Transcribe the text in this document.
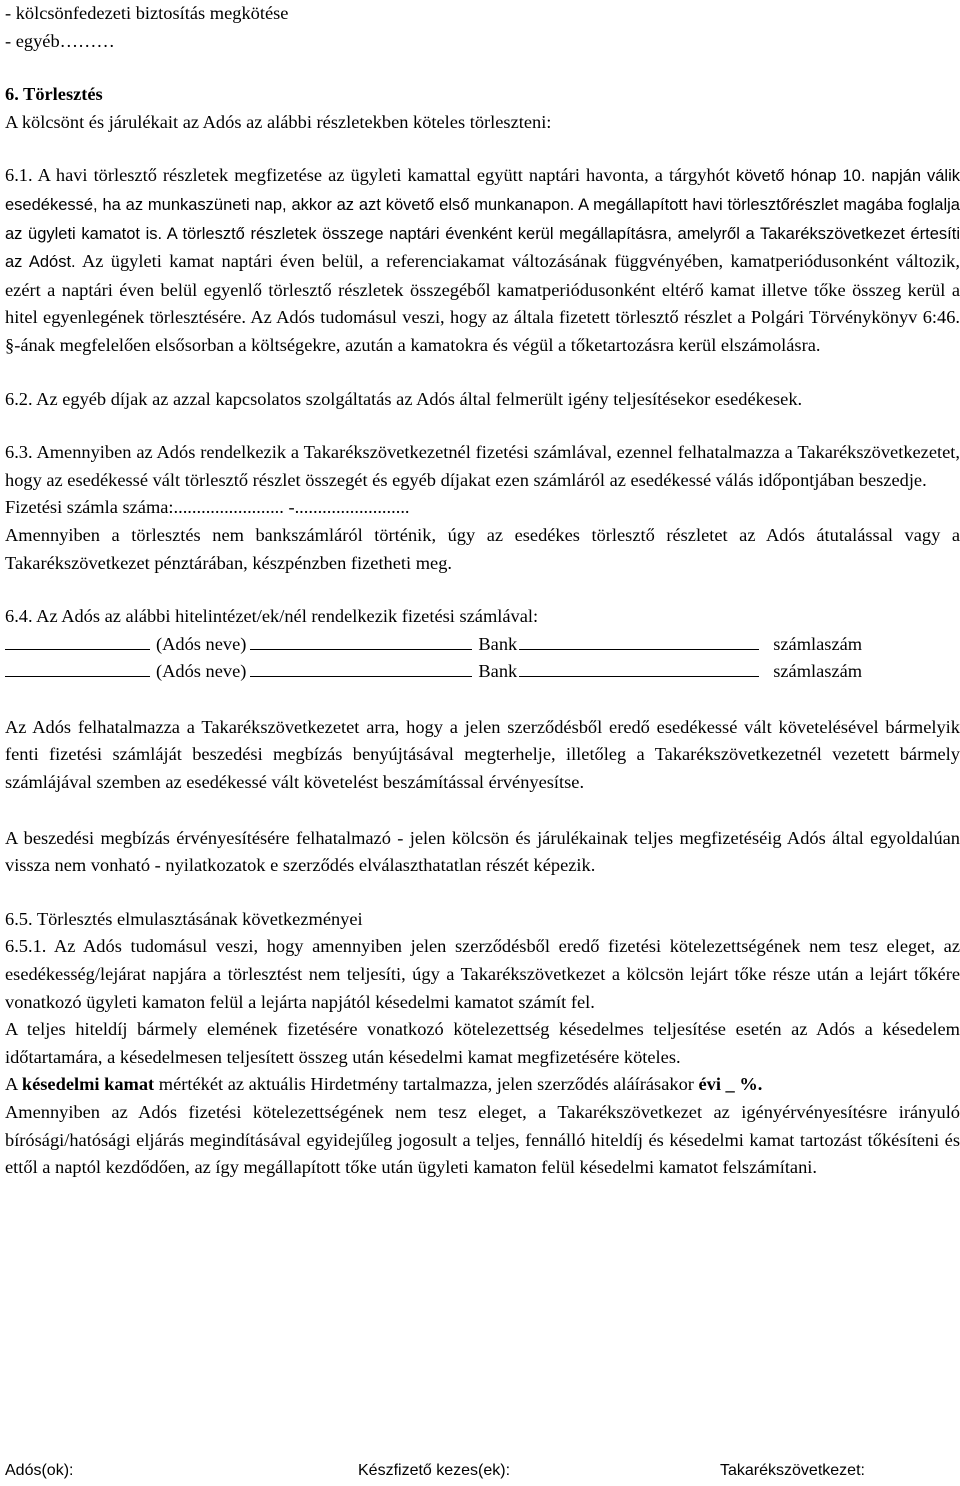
- kölcsönfedezeti biztosítás megkötése
- egyéb………
6. Törlesztés
A kölcsönt és járulékait az Adós az alábbi részletekben köteles törleszteni:
6.1. A havi törlesztő részletek megfizetése az ügyleti kamattal együtt naptári havonta, a tárgyhót követő hónap 10. napján válik esedékessé, ha az munkaszüneti nap, akkor az azt követő első munkanapon. A megállapított havi törlesztőrészlet magába foglalja az ügyleti kamatot is. A törlesztő részletek összege naptári évenként kerül megállapításra, amelyről a Takarékszövetkezet értesíti az Adóst. Az ügyleti kamat naptári éven belül, a referenciakamat változásának függvényében, kamatperiódusonként változik, ezért a naptári éven belül egyenlő törlesztő részletek összegéből kamatperiódusonként eltérő kamat illetve tőke összeg kerül a hitel egyenlegének törlesztésére. Az Adós tudomásul veszi, hogy az általa fizetett törlesztő részlet a Polgári Törvénykönyv 6:46. §-ának megfelelően elsősorban a költségekre, azután a kamatokra és végül a tőketartozásra kerül elszámolásra.
6.2. Az egyéb díjak az azzal kapcsolatos szolgáltatás az Adós által felmerült igény teljesítésekor esedékesek.
6.3. Amennyiben az Adós rendelkezik a Takarékszövetkezetnél fizetési számlával, ezennel felhatalmazza a Takarékszövetkezetet, hogy az esedékessé vált törlesztő részlet összegét és egyéb díjakat ezen számláról az esedékessé válás időpontjában beszedje.
Fizetési számla száma:........................ -.........................
Amennyiben a törlesztés nem bankszámláról történik, úgy az esedékes törlesztő részletet az Adós átutalással vagy a Takarékszövetkezet pénztárában, készpénzben fizetheti meg.
6.4. Az Adós az alábbi hitelintézet/ek/nél rendelkezik fizetési számlával:
(Adós neve)	Bank	számlaszám
(Adós neve)	Bank	számlaszám
Az Adós felhatalmazza a Takarékszövetkezetet arra, hogy a jelen szerződésből eredő esedékessé vált követelésével bármelyik fenti fizetési számláját beszedési megbízás benyújtásával megterhelje, illetőleg a Takarékszövetkezetnél vezetett bármely számlájával szemben az esedékessé vált követelést beszámítással érvényesítse.
A beszedési megbízás érvényesítésére felhatalmazó - jelen kölcsön és járulékainak teljes megfizetéséig Adós által egyoldalúan vissza nem vonható - nyilatkozatok e szerződés elválaszthatatlan részét képezik.
6.5. Törlesztés elmulasztásának következményei
6.5.1. Az Adós tudomásul veszi, hogy amennyiben jelen szerződésből eredő fizetési kötelezettségének nem tesz eleget, az esedékesség/lejárat napjára a törlesztést nem teljesíti, úgy a Takarékszövetkezet a kölcsön lejárt tőke része után a lejárt tőkére vonatkozó ügyleti kamaton felül a lejárta napjától késedelmi kamatot számít fel.
A teljes hiteldíj bármely elemének fizetésére vonatkozó kötelezettség késedelmes teljesítése esetén az Adós a késedelem időtartamára, a késedelmesen teljesített összeg után késedelmi kamat megfizetésére köteles.
A késedelmi kamat mértékét az aktuális Hirdetmény tartalmazza, jelen szerződés aláírásakor évi _ %.
Amennyiben az Adós fizetési kötelezettségének nem tesz eleget, a Takarékszövetkezet az igényérvényesítésre irányuló bírósági/hatósági eljárás megindításával egyidejűleg jogosult a teljes, fennálló hiteldíj és késedelmi kamat tartozást tőkésíteni és ettől a naptól kezdődően, az így megállapított tőke után ügyleti kamaton felül késedelmi kamatot felszámítani.
Adós(ok):	Készfizető kezes(ek):	Takarékszövetkezet:
